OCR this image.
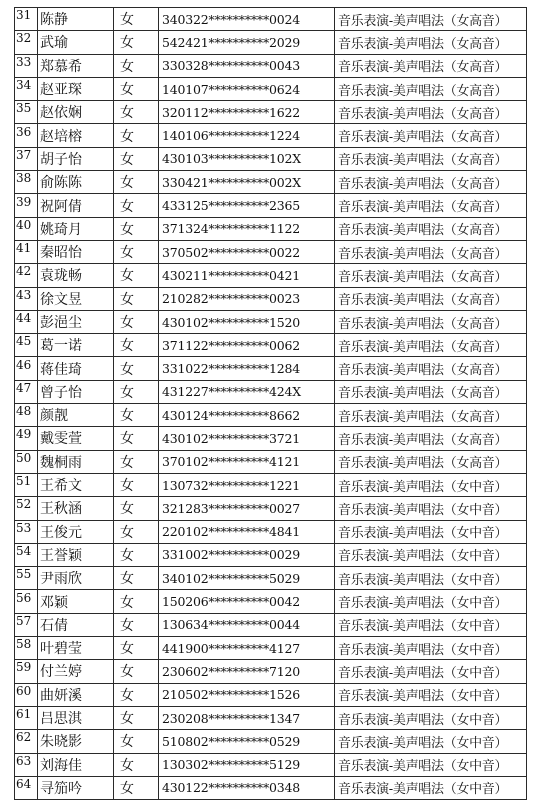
31	陈静	女	340322**********0024	音乐表演-美声唱法（女高音）
32	武瑜	女	542421**********2029	音乐表演-美声唱法（女高音）
33	郑慕希	女	330328**********0043	音乐表演-美声唱法（女高音）
34	赵亚琛	女	140107**********0624	音乐表演-美声唱法（女高音）
35	赵依娴	女	320112**********1622	音乐表演-美声唱法（女高音）
36	赵培榕	女	140106**********1224	音乐表演-美声唱法（女高音）
37	胡子怡	女	430103**********102X	音乐表演-美声唱法（女高音）
38	俞陈陈	女	330421**********002X	音乐表演-美声唱法（女高音）
39	祝阿倩	女	433125**********2365	音乐表演-美声唱法（女高音）
40	姚琦月	女	371324**********1122	音乐表演-美声唱法（女高音）
41	秦昭怡	女	370502**********0022	音乐表演-美声唱法（女高音）
42	袁珑畅	女	430211**********0421	音乐表演-美声唱法（女高音）
43	徐文昱	女	210282**********0023	音乐表演-美声唱法（女高音）
44	彭浥尘	女	430102**********1520	音乐表演-美声唱法（女高音）
45	葛一诺	女	371122**********0062	音乐表演-美声唱法（女高音）
46	蒋佳琦	女	331022**********1284	音乐表演-美声唱法（女高音）
47	曾子怡	女	431227**********424X	音乐表演-美声唱法（女高音）
48	颜靓	女	430124**********8662	音乐表演-美声唱法（女高音）
49	戴雯萱	女	430102**********3721	音乐表演-美声唱法（女高音）
50	魏桐雨	女	370102**********4121	音乐表演-美声唱法（女高音）
51	王希文	女	130732**********1221	音乐表演-美声唱法（女中音）
52	王秋涵	女	321283**********0027	音乐表演-美声唱法（女中音）
53	王俊元	女	220102**********4841	音乐表演-美声唱法（女中音）
54	王誉颖	女	331002**********0029	音乐表演-美声唱法（女中音）
55	尹雨欣	女	340102**********5029	音乐表演-美声唱法（女中音）
56	邓颖	女	150206**********0042	音乐表演-美声唱法（女中音）
57	石倩	女	130634**********0044	音乐表演-美声唱法（女中音）
58	叶碧莹	女	441900**********4127	音乐表演-美声唱法（女中音）
59	付兰婷	女	230602**********7120	音乐表演-美声唱法（女中音）
60	曲妍溪	女	210502**********1526	音乐表演-美声唱法（女中音）
61	吕思淇	女	230208**********1347	音乐表演-美声唱法（女中音）
62	朱晓影	女	510802**********0529	音乐表演-美声唱法（女中音）
63	刘海佳	女	130302**********5129	音乐表演-美声唱法（女中音）
64	寻笳吟	女	430122**********0348	音乐表演-美声唱法（女中音）
